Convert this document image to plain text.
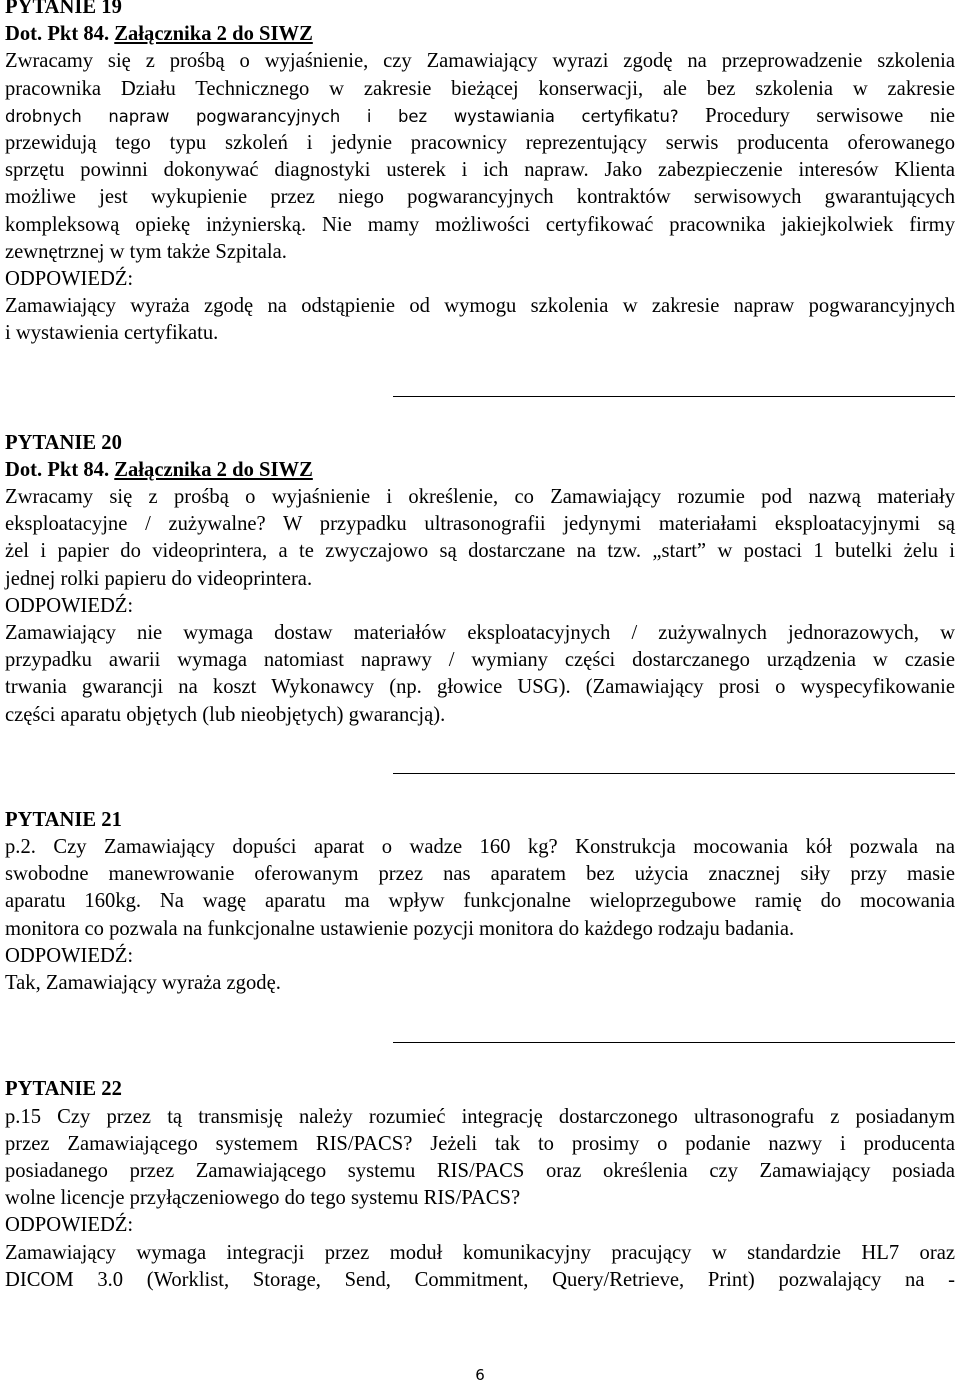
PYTANIE 19
Dot. Pkt 84. Załącznika 2 do SIWZ
Zwracamy się z prośbą o wyjaśnienie, czy Zamawiający wyrazi zgodę na przeprowadzenie szkolenia
pracownika Działu Technicznego w zakresie bieżącej konserwacji, ale bez szkolenia w zakresie
drobnych napraw pogwarancyjnych i bez wystawiania certyfikatu? Procedury serwisowe nie
przewidują tego typu szkoleń i jedynie pracownicy reprezentujący serwis producenta oferowanego
sprzętu powinni dokonywać diagnostyki usterek i ich napraw. Jako zabezpieczenie interesów Klienta
możliwe jest wykupienie przez niego pogwarancyjnych kontraktów serwisowych gwarantujących
kompleksową opiekę inżynierską. Nie mamy możliwości certyfikować pracownika jakiejkolwiek firmy
zewnętrznej w tym także Szpitala.
ODPOWIEDŹ:
Zamawiający wyraża zgodę na odstąpienie od wymogu szkolenia w zakresie napraw pogwarancyjnych
i wystawienia certyfikatu.
PYTANIE 20
Dot. Pkt 84. Załącznika 2 do SIWZ
Zwracamy się z prośbą o wyjaśnienie i określenie, co Zamawiający rozumie pod nazwą materiały
eksploatacyjne / zużywalne? W przypadku ultrasonografii jedynymi materiałami eksploatacyjnymi są
żel i papier do videoprintera, a te zwyczajowo są dostarczane na tzw. „start” w postaci 1 butelki żelu i
jednej rolki papieru do videoprintera.
ODPOWIEDŹ:
Zamawiający nie wymaga dostaw materiałów eksploatacyjnych / zużywalnych jednorazowych, w
przypadku awarii wymaga natomiast naprawy / wymiany części dostarczanego urządzenia w czasie
trwania gwarancji na koszt Wykonawcy (np. głowice USG). (Zamawiający prosi o wyspecyfikowanie
części aparatu objętych (lub nieobjętych) gwarancją).
PYTANIE 21
p.2. Czy Zamawiający dopuści aparat o wadze 160 kg? Konstrukcja mocowania kół pozwala na
swobodne manewrowanie oferowanym przez nas aparatem bez użycia znacznej siły przy masie
aparatu 160kg. Na wagę aparatu ma wpływ funkcjonalne wieloprzegubowe ramię do mocowania
monitora co pozwala na funkcjonalne ustawienie pozycji monitora do każdego rodzaju badania.
ODPOWIEDŹ:
Tak, Zamawiający wyraża zgodę.
PYTANIE 22
p.15 Czy przez tą transmisję należy rozumieć integrację dostarczonego ultrasonografu z posiadanym
przez Zamawiającego systemem RIS/PACS? Jeżeli tak to prosimy o podanie nazwy i producenta
posiadanego przez Zamawiającego systemu RIS/PACS oraz określenia czy Zamawiający posiada
wolne licencje przyłączeniowego do tego systemu RIS/PACS?
ODPOWIEDŹ:
Zamawiający wymaga integracji przez moduł komunikacyjny pracujący w standardzie HL7 oraz
DICOM 3.0 (Worklist, Storage, Send, Commitment, Query/Retrieve, Print) pozwalający na -
6
